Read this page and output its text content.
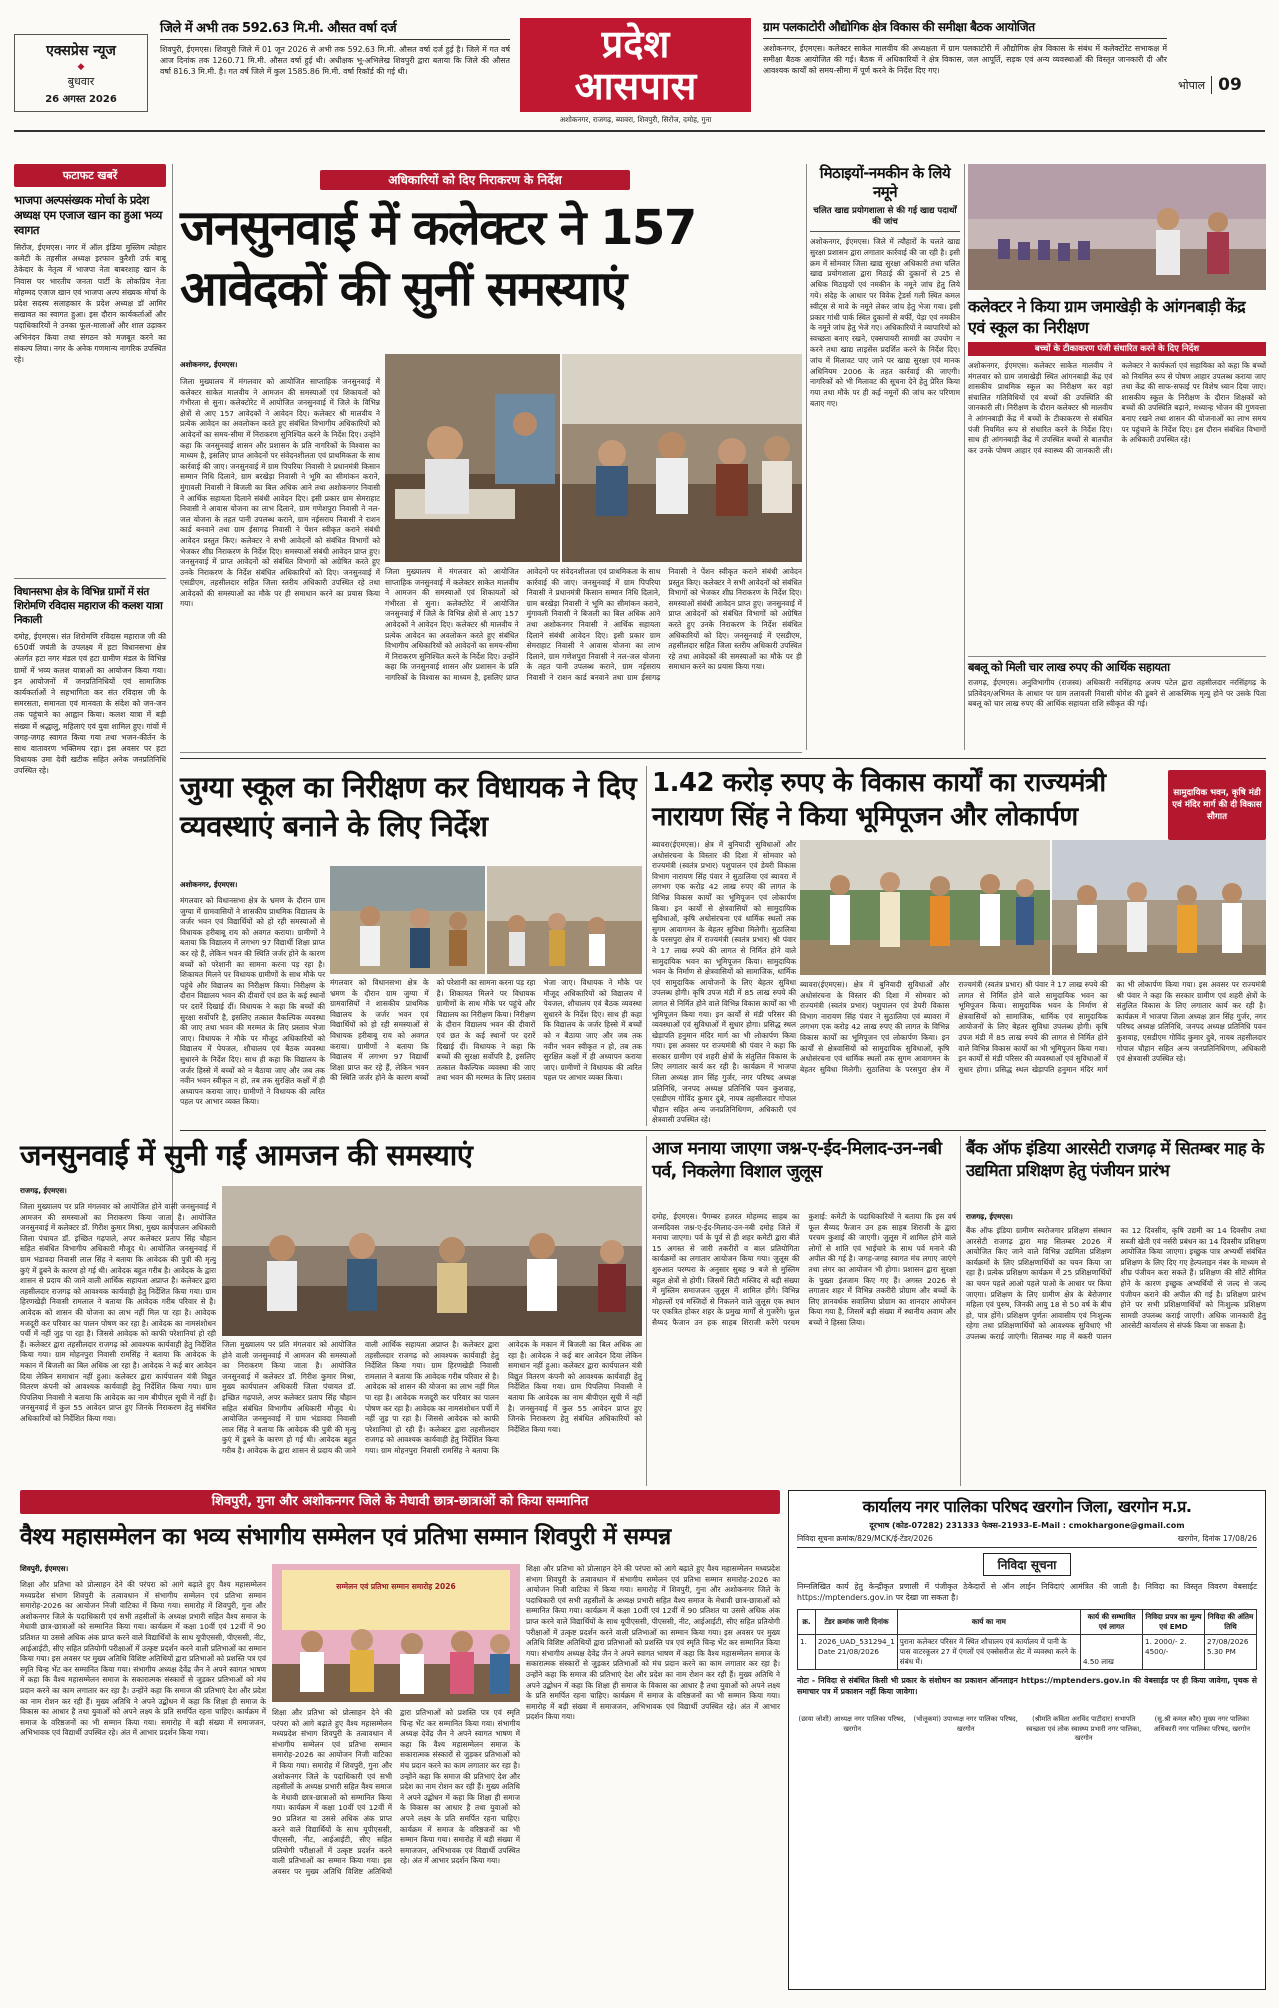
एक्सप्रेस न्यूज
◆
बुधवार
26 अगस्त 2026
जिले में अभी तक 592.63 मि.मी. औसत वर्षा दर्ज
शिवपुरी, ईएमएस। शिवपुरी जिले में 01 जून 2026 से अभी तक 592.63 मि.मी. औसत वर्षा दर्ज हुई है। जिले में गत वर्ष आज दिनांक तक 1260.71 मि.मी. औसत वर्षा हुई थी। अधीक्षक भू-अभिलेख शिवपुरी द्वारा बताया कि जिले की औसत वर्षा 816.3 मि.मी. है। गत वर्ष जिले में कुल 1585.86 मि.मी. वर्षा रिकॉर्ड की गई थी।
प्रदेश
आसपास
अशोकनगर, राजगढ़, ब्यावरा, शिवपुरी, सिरोंज, दमोह, गुना
ग्राम पलकाटोरी औद्योगिक क्षेत्र विकास की समीक्षा बैठक आयोजित
अशोकनगर, ईएमएस। कलेक्टर साकेत मालवीय की अध्यक्षता में ग्राम पलकाटोरी में औद्योगिक क्षेत्र विकास के संबंध में कलेक्टोरेट सभाकक्ष में समीक्षा बैठक आयोजित की गई। बैठक में अधिकारियों ने क्षेत्र विकास, जल आपूर्ति, सड़क एवं अन्य व्यवस्थाओं की विस्तृत जानकारी दी और आवश्यक कार्यों को समय-सीमा में पूर्ण करने के निर्देश दिए गए।
भोपाल 09
फटाफट खबरें
भाजपा अल्पसंख्यक मोर्चा के प्रदेश अध्यक्ष एम एजाज खान का हुआ भव्य स्वागत
सिरोंज, ईएमएस। नगर में ऑल इंडिया मुस्लिम त्योहार कमेटी के तहसील अध्यक्ष इरफान कुरैशी उर्फ बाबू ठेकेदार के नेतृत्व में भाजपा नेता बाबरशाह खान के निवास पर भारतीय जनता पार्टी के लोकप्रिय नेता मोहम्मद एजाज खान एवं भाजपा अल्प संख्यक मोर्चा के प्रदेश सदस्य सलाहकार के प्रदेश अध्यक्ष डॉ आमिर सखावत का स्वागत हुआ। इस दौरान कार्यकर्ताओं और पदाधिकारियों ने उनका फूल-मालाओं और शाल उढ़ाकर अभिनंदन किया तथा संगठन को मजबूत करने का संकल्प लिया। नगर के अनेक गणमान्य नागरिक उपस्थित रहे।
विधानसभा क्षेत्र के विभिन्न ग्रामों में संत शिरोमणि रविदास महाराज की कलश यात्रा निकाली
दमोह, ईएमएस। संत शिरोमणि रविदास महाराज जी की 650वीं जयंती के उपलक्ष्य में हटा विधानसभा क्षेत्र अंतर्गत हटा नगर मंडल एवं हटा ग्रामीण मंडल के विभिन्न ग्रामों में भव्य कलश यात्राओं का आयोजन किया गया। इन आयोजनों में जनप्रतिनिधियों एवं सामाजिक कार्यकर्ताओं ने सहभागिता कर संत रविदास जी के समरसता, समानता एवं मानवता के संदेश को जन-जन तक पहुंचाने का आह्वान किया। कलश यात्रा में बड़ी संख्या में श्रद्धालु, महिलाएं एवं युवा शामिल हुए। गांवों में जगह-जगह स्वागत किया गया तथा भजन-कीर्तन के साथ वातावरण भक्तिमय रहा। इस अवसर पर हटा विधायक उमा देवी खटीक सहित अनेक जनप्रतिनिधि उपस्थित रहे।
अधिकारियों को दिए निराकरण के निर्देश
जनसुनवाई में कलेक्टर ने 157 आवेदकों की सुनीं समस्याएं
अशोकनगर, ईएमएस।
जिला मुख्यालय में मंगलवार को आयोजित साप्ताहिक जनसुनवाई में कलेक्टर साकेत मालवीय ने आमजन की समस्याओं एवं शिकायतों को गंभीरता से सुना। कलेक्टोरेट में आयोजित जनसुनवाई में जिले के विभिन्न क्षेत्रों से आए 157 आवेदकों ने आवेदन दिए। कलेक्टर श्री मालवीय ने प्रत्येक आवेदन का अवलोकन करते हुए संबंधित विभागीय अधिकारियों को आवेदनों का समय-सीमा में निराकरण सुनिश्चित करने के निर्देश दिए। उन्होंने कहा कि जनसुनवाई शासन और प्रशासन के प्रति नागरिकों के विश्वास का माध्यम है, इसलिए प्राप्त आवेदनों पर संवेदनशीलता एवं प्राथमिकता के साथ कार्रवाई की जाए। जनसुनवाई में ग्राम पिपरिया निवासी ने प्रधानमंत्री किसान सम्मान निधि दिलाने, ग्राम बरखेड़ा निवासी ने भूमि का सीमांकन कराने, मुंगावली निवासी ने बिजली का बिल अधिक आने तथा अशोकनगर निवासी ने आर्थिक सहायता दिलाने संबंधी आवेदन दिए। इसी प्रकार ग्राम सेमराहाट निवासी ने आवास योजना का लाभ दिलाने, ग्राम गणेशपुरा निवासी ने नल-जल योजना के तहत पानी उपलब्ध कराने, ग्राम नईसराय निवासी ने राशन कार्ड बनवाने तथा ग्राम ईसागढ़ निवासी ने पेंशन स्वीकृत कराने संबंधी आवेदन प्रस्तुत किए। कलेक्टर ने सभी आवेदनों को संबंधित विभागों को भेजकर शीघ्र निराकरण के निर्देश दिए। समस्याओं संबंधी आवेदन प्राप्त हुए। जनसुनवाई में प्राप्त आवेदनों को संबंधित विभागों को अग्रेषित करते हुए उनके निराकरण के निर्देश संबंधित अधिकारियों को दिए। जनसुनवाई में एसडीएम, तहसीलदार सहित जिला स्तरीय अधिकारी उपस्थित रहे तथा आवेदकों की समस्याओं का मौके पर ही समाधान करने का प्रयास किया गया।
जिला मुख्यालय में मंगलवार को आयोजित साप्ताहिक जनसुनवाई में कलेक्टर साकेत मालवीय ने आमजन की समस्याओं एवं शिकायतों को गंभीरता से सुना। कलेक्टोरेट में आयोजित जनसुनवाई में जिले के विभिन्न क्षेत्रों से आए 157 आवेदकों ने आवेदन दिए। कलेक्टर श्री मालवीय ने प्रत्येक आवेदन का अवलोकन करते हुए संबंधित विभागीय अधिकारियों को आवेदनों का समय-सीमा में निराकरण सुनिश्चित करने के निर्देश दिए। उन्होंने कहा कि जनसुनवाई शासन और प्रशासन के प्रति नागरिकों के विश्वास का माध्यम है, इसलिए प्राप्त आवेदनों पर संवेदनशीलता एवं प्राथमिकता के साथ कार्रवाई की जाए। जनसुनवाई में ग्राम पिपरिया निवासी ने प्रधानमंत्री किसान सम्मान निधि दिलाने, ग्राम बरखेड़ा निवासी ने भूमि का सीमांकन कराने, मुंगावली निवासी ने बिजली का बिल अधिक आने तथा अशोकनगर निवासी ने आर्थिक सहायता दिलाने संबंधी आवेदन दिए। इसी प्रकार ग्राम सेमराहाट निवासी ने आवास योजना का लाभ दिलाने, ग्राम गणेशपुरा निवासी ने नल-जल योजना के तहत पानी उपलब्ध कराने, ग्राम नईसराय निवासी ने राशन कार्ड बनवाने तथा ग्राम ईसागढ़ निवासी ने पेंशन स्वीकृत कराने संबंधी आवेदन प्रस्तुत किए। कलेक्टर ने सभी आवेदनों को संबंधित विभागों को भेजकर शीघ्र निराकरण के निर्देश दिए। समस्याओं संबंधी आवेदन प्राप्त हुए। जनसुनवाई में प्राप्त आवेदनों को संबंधित विभागों को अग्रेषित करते हुए उनके निराकरण के निर्देश संबंधित अधिकारियों को दिए। जनसुनवाई में एसडीएम, तहसीलदार सहित जिला स्तरीय अधिकारी उपस्थित रहे तथा आवेदकों की समस्याओं का मौके पर ही समाधान करने का प्रयास किया गया।
मिठाइयों-नमकीन के लिये नमूने
चलित खाद्य प्रयोगशाला से की गई खाद्य पदार्थों की जांच
अशोकनगर, ईएमएस। जिले में त्यौहारों के चलते खाद्य सुरक्षा प्रशासन द्वारा लगातार कार्रवाई की जा रही है। इसी क्रम में सोमवार जिला खाद्य सुरक्षा अधिकारी तथा चलित खाद्य प्रयोगशाला द्वारा मिठाई की दुकानों से 25 से अधिक मिठाइयों एवं नमकीन के नमूने जांच हेतु लिये गये। संदेह के आधार पर विवेक ट्रेडर्स गली स्थित कमल स्वीट्स से मावे के नमूने लेकर जांच हेतु भेजा गया। इसी प्रकार गांधी पार्क स्थित दुकानों से बर्फी, पेड़ा एवं नमकीन के नमूने जांच हेतु भेजे गए। अधिकारियों ने व्यापारियों को स्वच्छता बनाए रखने, एक्सपायरी सामग्री का उपयोग न करने तथा खाद्य लाइसेंस प्रदर्शित करने के निर्देश दिए। जांच में मिलावट पाए जाने पर खाद्य सुरक्षा एवं मानक अधिनियम 2006 के तहत कार्रवाई की जाएगी। नागरिकों को भी मिलावट की सूचना देने हेतु प्रेरित किया गया तथा मौके पर ही कई नमूनों की जांच कर परिणाम बताए गए।
कलेक्टर ने किया ग्राम जमाखेड़ी के आंगनबाड़ी केंद्र एवं स्कूल का निरीक्षण
बच्चों के टीकाकरण पंजी संधारित करने के दिए निर्देश
अशोकनगर, ईएमएस। कलेक्टर साकेत मालवीय ने मंगलवार को ग्राम जमाखेड़ी स्थित आंगनबाड़ी केंद्र एवं शासकीय प्राथमिक स्कूल का निरीक्षण कर वहां संचालित गतिविधियों एवं बच्चों की उपस्थिति की जानकारी ली। निरीक्षण के दौरान कलेक्टर श्री मालवीय ने आंगनबाड़ी केंद्र में बच्चों के टीकाकरण से संबंधित पंजी नियमित रूप से संधारित करने के निर्देश दिए। साथ ही आंगनबाड़ी केंद्र में उपस्थित बच्चों से बातचीत कर उनके पोषण आहार एवं स्वास्थ्य की जानकारी ली। कलेक्टर ने कार्यकर्ता एवं सहायिका को कहा कि बच्चों को नियमित रूप से पोषण आहार उपलब्ध कराया जाए तथा केंद्र की साफ-सफाई पर विशेष ध्यान दिया जाए। शासकीय स्कूल के निरीक्षण के दौरान शिक्षकों को बच्चों की उपस्थिति बढ़ाने, मध्यान्ह भोजन की गुणवत्ता बनाए रखने तथा शासन की योजनाओं का लाभ समय पर पहुंचाने के निर्देश दिए। इस दौरान संबंधित विभागों के अधिकारी उपस्थित रहे।
बबलू को मिली चार लाख रुपए की आर्थिक सहायता
राजगढ़, ईएमएस। अनुविभागीय (राजस्व) अधिकारी नरसिंहगढ़ अजय पटेल द्वारा तहसीलदार नरसिंहगढ़ के प्रतिवेदन/अभिमत के आधार पर ग्राम तलावली निवासी योगेश की डूबने से आकस्मिक मृत्यु होने पर उसके पिता बबलू को चार लाख रुपए की आर्थिक सहायता राशि स्वीकृत की गई।
जुग्या स्कूल का निरीक्षण कर विधायक ने दिए व्यवस्थाएं बनाने के लिए निर्देश
अशोकनगर, ईएमएस।
मंगलवार को विधानसभा क्षेत्र के भ्रमण के दौरान ग्राम जुग्या में ग्रामवासियों ने शासकीय प्राथमिक विद्यालय के जर्जर भवन एवं विद्यार्थियों को हो रही समस्याओं से विधायक हरीबाबू राय को अवगत कराया। ग्रामीणों ने बताया कि विद्यालय में लगभग 97 विद्यार्थी शिक्षा प्राप्त कर रहे हैं, लेकिन भवन की स्थिति जर्जर होने के कारण बच्चों को परेशानी का सामना करना पड़ रहा है। शिकायत मिलने पर विधायक ग्रामीणों के साथ मौके पर पहुंचे और विद्यालय का निरीक्षण किया। निरीक्षण के दौरान विद्यालय भवन की दीवारों एवं छत के कई स्थानों पर दरारें दिखाई दीं। विधायक ने कहा कि बच्चों की सुरक्षा सर्वोपरि है, इसलिए तत्काल वैकल्पिक व्यवस्था की जाए तथा भवन की मरम्मत के लिए प्रस्ताव भेजा जाए। विधायक ने मौके पर मौजूद अधिकारियों को विद्यालय में पेयजल, शौचालय एवं बैठक व्यवस्था सुधारने के निर्देश दिए। साथ ही कहा कि विद्यालय के जर्जर हिस्से में बच्चों को न बैठाया जाए और जब तक नवीन भवन स्वीकृत न हो, तब तक सुरक्षित कक्षों में ही अध्यापन कराया जाए। ग्रामीणों ने विधायक की त्वरित पहल पर आभार व्यक्त किया।
मंगलवार को विधानसभा क्षेत्र के भ्रमण के दौरान ग्राम जुग्या में ग्रामवासियों ने शासकीय प्राथमिक विद्यालय के जर्जर भवन एवं विद्यार्थियों को हो रही समस्याओं से विधायक हरीबाबू राय को अवगत कराया। ग्रामीणों ने बताया कि विद्यालय में लगभग 97 विद्यार्थी शिक्षा प्राप्त कर रहे हैं, लेकिन भवन की स्थिति जर्जर होने के कारण बच्चों को परेशानी का सामना करना पड़ रहा है। शिकायत मिलने पर विधायक ग्रामीणों के साथ मौके पर पहुंचे और विद्यालय का निरीक्षण किया। निरीक्षण के दौरान विद्यालय भवन की दीवारों एवं छत के कई स्थानों पर दरारें दिखाई दीं। विधायक ने कहा कि बच्चों की सुरक्षा सर्वोपरि है, इसलिए तत्काल वैकल्पिक व्यवस्था की जाए तथा भवन की मरम्मत के लिए प्रस्ताव भेजा जाए। विधायक ने मौके पर मौजूद अधिकारियों को विद्यालय में पेयजल, शौचालय एवं बैठक व्यवस्था सुधारने के निर्देश दिए। साथ ही कहा कि विद्यालय के जर्जर हिस्से में बच्चों को न बैठाया जाए और जब तक नवीन भवन स्वीकृत न हो, तब तक सुरक्षित कक्षों में ही अध्यापन कराया जाए। ग्रामीणों ने विधायक की त्वरित पहल पर आभार व्यक्त किया।
1.42 करोड़ रुपए के विकास कार्यों का राज्यमंत्री नारायण सिंह ने किया भूमिपूजन और लोकार्पण
सामुदायिक भवन, कृषि मंडी एवं मंदिर मार्ग की दी विकास सौगात
ब्यावरा(ईएमएस)। क्षेत्र में बुनियादी सुविधाओं और अधोसंरचना के विस्तार की दिशा में सोमवार को राज्यमंत्री (स्वतंत्र प्रभार) पशुपालन एवं डेयरी विकास विभाग नारायण सिंह पंवार ने सुठालिया एवं ब्यावरा में लगभग एक करोड़ 42 लाख रुपए की लागत के विभिन्न विकास कार्यों का भूमिपूजन एवं लोकार्पण किया। इन कार्यों से क्षेत्रवासियों को सामुदायिक सुविधाओं, कृषि अधोसंरचना एवं धार्मिक स्थलों तक सुगम आवागमन के बेहतर सुविधा मिलेगी। सुठालिया के परसपुरा क्षेत्र में राज्यमंत्री (स्वतंत्र प्रभार) श्री पंवार ने 17 लाख रुपये की लागत से निर्मित होने वाले सामुदायिक भवन का भूमिपूजन किया। सामुदायिक भवन के निर्माण से क्षेत्रवासियों को सामाजिक, धार्मिक एवं सामुदायिक आयोजनों के लिए बेहतर सुविधा उपलब्ध होगी। कृषि उपज मंडी में 85 लाख रुपये की लागत से निर्मित होने वाले विभिन्न विकास कार्यों का भी भूमिपूजन किया गया। इन कार्यों से मंडी परिसर की व्यवस्थाओं एवं सुविधाओं में सुधार होगा। प्रसिद्ध स्थल खेड़ापति हनुमान मंदिर मार्ग का भी लोकार्पण किया गया। इस अवसर पर राज्यमंत्री श्री पंवार ने कहा कि सरकार ग्रामीण एवं शहरी क्षेत्रों के संतुलित विकास के लिए लगातार कार्य कर रही है। कार्यक्रम में भाजपा जिला अध्यक्ष ज्ञान सिंह गुर्जर, नगर परिषद अध्यक्ष प्रतिनिधि, जनपद अध्यक्ष प्रतिनिधि पवन कुशवाह, एसडीएम गोविंद कुमार दुबे, नायब तहसीलदार गोपाल चौहान सहित अन्य जनप्रतिनिधिगण, अधिकारी एवं क्षेत्रवासी उपस्थित रहे।
ब्यावरा(ईएमएस)। क्षेत्र में बुनियादी सुविधाओं और अधोसंरचना के विस्तार की दिशा में सोमवार को राज्यमंत्री (स्वतंत्र प्रभार) पशुपालन एवं डेयरी विकास विभाग नारायण सिंह पंवार ने सुठालिया एवं ब्यावरा में लगभग एक करोड़ 42 लाख रुपए की लागत के विभिन्न विकास कार्यों का भूमिपूजन एवं लोकार्पण किया। इन कार्यों से क्षेत्रवासियों को सामुदायिक सुविधाओं, कृषि अधोसंरचना एवं धार्मिक स्थलों तक सुगम आवागमन के बेहतर सुविधा मिलेगी। सुठालिया के परसपुरा क्षेत्र में राज्यमंत्री (स्वतंत्र प्रभार) श्री पंवार ने 17 लाख रुपये की लागत से निर्मित होने वाले सामुदायिक भवन का भूमिपूजन किया। सामुदायिक भवन के निर्माण से क्षेत्रवासियों को सामाजिक, धार्मिक एवं सामुदायिक आयोजनों के लिए बेहतर सुविधा उपलब्ध होगी। कृषि उपज मंडी में 85 लाख रुपये की लागत से निर्मित होने वाले विभिन्न विकास कार्यों का भी भूमिपूजन किया गया। इन कार्यों से मंडी परिसर की व्यवस्थाओं एवं सुविधाओं में सुधार होगा। प्रसिद्ध स्थल खेड़ापति हनुमान मंदिर मार्ग का भी लोकार्पण किया गया। इस अवसर पर राज्यमंत्री श्री पंवार ने कहा कि सरकार ग्रामीण एवं शहरी क्षेत्रों के संतुलित विकास के लिए लगातार कार्य कर रही है। कार्यक्रम में भाजपा जिला अध्यक्ष ज्ञान सिंह गुर्जर, नगर परिषद अध्यक्ष प्रतिनिधि, जनपद अध्यक्ष प्रतिनिधि पवन कुशवाह, एसडीएम गोविंद कुमार दुबे, नायब तहसीलदार गोपाल चौहान सहित अन्य जनप्रतिनिधिगण, अधिकारी एवं क्षेत्रवासी उपस्थित रहे।
जनसुनवाई में सुनी गईं आमजन की समस्याएं
राजगढ़, ईएमएस।
जिला मुख्यालय पर प्रति मंगलवार को आयोजित होने वाली जनसुनवाई में आमजन की समस्याओं का निराकरण किया जाता है। आयोजित जनसुनवाई में कलेक्टर डॉ. गिरीश कुमार मिश्रा, मुख्य कार्यपालन अधिकारी जिला पंचायत डॉ. इच्छित गढ़पाले, अपर कलेक्टर प्रताप सिंह चौहान सहित संबंधित विभागीय अधिकारी मौजूद थे। आयोजित जनसुनवाई में ग्राम भंडावदा निवासी लाल सिंह ने बताया कि आवेदक की पुत्री की मृत्यु कुएं में डूबने के कारण हो गई थी। आवेदक बहुत गरीब है। आवेदक के द्वारा शासन से प्रदाय की जाने वाली आर्थिक सहायता अप्राप्त है। कलेक्टर द्वारा तहसीलदार राजगढ़ को आवश्यक कार्यवाही हेतु निर्देशित किया गया। ग्राम हिरणखेड़ी निवासी रामलाल ने बताया कि आवेदक गरीब परिवार से है। आवेदक को शासन की योजना का लाभ नहीं मिल पा रहा है। आवेदक मजदूरी कर परिवार का पालन पोषण कर रहा है। आवेदक का नामसंशोधन पर्ची में नहीं जुड़ पा रहा है। जिससे आवेदक को काफी परेशानियां हो रही हैं। कलेक्टर द्वारा तहसीलदार राजगढ़ को आवश्यक कार्यवाही हेतु निर्देशित किया गया। ग्राम मोहनपुरा निवासी रामसिंह ने बताया कि आवेदक के मकान में बिजली का बिल अधिक आ रहा है। आवेदक ने कई बार आवेदन दिया लेकिन समाधान नहीं हुआ। कलेक्टर द्वारा कार्यपालन यंत्री विद्युत वितरण कंपनी को आवश्यक कार्यवाही हेतु निर्देशित किया गया। ग्राम पिपलिया निवासी ने बताया कि आवेदक का नाम बीपीएल सूची में नहीं है। जनसुनवाई में कुल 55 आवेदन प्राप्त हुए जिनके निराकरण हेतु संबंधित अधिकारियों को निर्देशित किया गया।
जिला मुख्यालय पर प्रति मंगलवार को आयोजित होने वाली जनसुनवाई में आमजन की समस्याओं का निराकरण किया जाता है। आयोजित जनसुनवाई में कलेक्टर डॉ. गिरीश कुमार मिश्रा, मुख्य कार्यपालन अधिकारी जिला पंचायत डॉ. इच्छित गढ़पाले, अपर कलेक्टर प्रताप सिंह चौहान सहित संबंधित विभागीय अधिकारी मौजूद थे। आयोजित जनसुनवाई में ग्राम भंडावदा निवासी लाल सिंह ने बताया कि आवेदक की पुत्री की मृत्यु कुएं में डूबने के कारण हो गई थी। आवेदक बहुत गरीब है। आवेदक के द्वारा शासन से प्रदाय की जाने वाली आर्थिक सहायता अप्राप्त है। कलेक्टर द्वारा तहसीलदार राजगढ़ को आवश्यक कार्यवाही हेतु निर्देशित किया गया। ग्राम हिरणखेड़ी निवासी रामलाल ने बताया कि आवेदक गरीब परिवार से है। आवेदक को शासन की योजना का लाभ नहीं मिल पा रहा है। आवेदक मजदूरी कर परिवार का पालन पोषण कर रहा है। आवेदक का नामसंशोधन पर्ची में नहीं जुड़ पा रहा है। जिससे आवेदक को काफी परेशानियां हो रही हैं। कलेक्टर द्वारा तहसीलदार राजगढ़ को आवश्यक कार्यवाही हेतु निर्देशित किया गया। ग्राम मोहनपुरा निवासी रामसिंह ने बताया कि आवेदक के मकान में बिजली का बिल अधिक आ रहा है। आवेदक ने कई बार आवेदन दिया लेकिन समाधान नहीं हुआ। कलेक्टर द्वारा कार्यपालन यंत्री विद्युत वितरण कंपनी को आवश्यक कार्यवाही हेतु निर्देशित किया गया। ग्राम पिपलिया निवासी ने बताया कि आवेदक का नाम बीपीएल सूची में नहीं है। जनसुनवाई में कुल 55 आवेदन प्राप्त हुए जिनके निराकरण हेतु संबंधित अधिकारियों को निर्देशित किया गया।
आज मनाया जाएगा जश्न-ए-ईद-मिलाद-उन-नबी पर्व, निकलेगा विशाल जुलूस
दमोह, ईएमएस। पैगम्बर हजरत मोहम्मद साहब का जन्मदिवस जश्न-ए-ईद-मिलाद-उन-नबी दमोह जिले में मनाया जाएगा। पर्व के पूर्व से ही शहर कमेटी द्वारा बीते 15 अगस्त से जारी तकरीरों व बाल प्रतियोगिता कार्यक्रमों का लगातार आयोजन किया गया। जुलूस की शुरुआत परम्परा के अनुसार सुबह 9 बजे से मुस्लिम बहुल क्षेत्रों से होगी। जिसमें सिटी मस्जिद से बड़ी संख्या में मुस्लिम समाजजन जुलूस में शामिल होंगे। विभिन्न मोहल्लों एवं मस्जिदों से निकलने वाले जुलूस एक स्थान पर एकत्रित होकर शहर के प्रमुख मार्गों से गुजरेंगे। फूल सैय्यद फैजान उन हक साहब शिराजी करेंगे परचम कुशाई: कमेटी के पदाधिकारियों ने बताया कि इस वर्ष फूल सैय्यद फैजान उन हक साहब शिराजी के द्वारा परचम कुशाई की जाएगी। जुलूस में शामिल होने वाले लोगों से शांति एवं भाईचारे के साथ पर्व मनाने की अपील की गई है। जगह-जगह स्वागत मंच लगाए जाएंगे तथा लंगर का आयोजन भी होगा। प्रशासन द्वारा सुरक्षा के पुख्ता इंतजाम किए गए हैं। अगस्त 2026 से लगातार शहर में विभिन्न तकरीरी प्रोग्राम और बच्चों के लिए ज्ञानवर्धक सवालिया प्रोग्राम का शानदार आयोजन किया गया है, जिसमें बड़ी संख्या में स्थानीय अवाम और बच्चों ने हिस्सा लिया।
बैंक ऑफ इंडिया आरसेटी राजगढ़ में सितम्बर माह के उद्यमिता प्रशिक्षण हेतु पंजीयन प्रारंभ
राजगढ़, ईएमएस।
बैंक ऑफ इंडिया ग्रामीण स्वरोजगार प्रशिक्षण संस्थान आरसेटी राजगढ़ द्वारा माह सितम्बर 2026 में आयोजित किए जाने वाले विभिन्न उद्यमिता प्रशिक्षण कार्यक्रमों के लिए प्रशिक्षणार्थियों का चयन किया जा रहा है। प्रत्येक प्रशिक्षण कार्यक्रम में 25 प्रशिक्षणार्थियों का चयन पहले आओ पहले पाओ के आधार पर किया जाएगा। प्रशिक्षण के लिए ग्रामीण क्षेत्र के बेरोजगार महिला एवं पुरुष, जिनकी आयु 18 से 50 वर्ष के बीच हो, पात्र होंगे। प्रशिक्षण पूर्णतः आवासीय एवं निःशुल्क रहेगा तथा प्रशिक्षणार्थियों को आवश्यक सुविधाएं भी उपलब्ध कराई जाएंगी। सितम्बर माह में बकरी पालन का 12 दिवसीय, कृषि उद्यमी का 14 दिवसीय तथा सब्जी खेती एवं नर्सरी प्रबंधन का 14 दिवसीय प्रशिक्षण आयोजित किया जाएगा। इच्छुक पात्र अभ्यर्थी संबंधित प्रशिक्षण के लिए दिए गए हेल्पलाइन नंबर के माध्यम से शीघ्र पंजीयन करा सकते हैं। प्रशिक्षण की सीटें सीमित होने के कारण इच्छुक अभ्यर्थियों से जल्द से जल्द पंजीयन कराने की अपील की गई है। प्रशिक्षण प्रारंभ होने पर सभी प्रशिक्षणार्थियों को निःशुल्क प्रशिक्षण सामग्री उपलब्ध कराई जाएगी। अधिक जानकारी हेतु आरसेटी कार्यालय से संपर्क किया जा सकता है।
शिवपुरी, गुना और अशोकनगर जिले के मेधावी छात्र-छात्राओं को किया सम्मानित
वैश्य महासम्मेलन का भव्य संभागीय सम्मेलन एवं प्रतिभा सम्मान शिवपुरी में सम्पन्न
शिवपुरी, ईएमएस।
सम्मेलन एवं प्रतिभा सम्मान समारोह 2026
शिक्षा और प्रतिभा को प्रोत्साहन देने की परंपरा को आगे बढ़ाते हुए वैश्य महासम्मेलन मध्यप्रदेश संभाग शिवपुरी के तत्वावधान में संभागीय सम्मेलन एवं प्रतिभा सम्मान समारोह-2026 का आयोजन निजी वाटिका में किया गया। समारोह में शिवपुरी, गुना और अशोकनगर जिले के पदाधिकारी एवं सभी तहसीलों के अध्यक्ष प्रभारी सहित वैश्य समाज के मेधावी छात्र-छात्राओं को सम्मानित किया गया। कार्यक्रम में कक्षा 10वीं एवं 12वीं में 90 प्रतिशत या उससे अधिक अंक प्राप्त करने वाले विद्यार्थियों के साथ यूपीएससी, पीएससी, नीट, आईआईटी, सीए सहित प्रतियोगी परीक्षाओं में उत्कृष्ट प्रदर्शन करने वाली प्रतिभाओं का सम्मान किया गया। इस अवसर पर मुख्य अतिथि विशिष्ट अतिथियों द्वारा प्रतिभाओं को प्रशस्ति पत्र एवं स्मृति चिन्ह भेंट कर सम्मानित किया गया। संभागीय अध्यक्ष देवेंद्र जैन ने अपने स्वागत भाषण में कहा कि वैश्य महासम्मेलन समाज के सकारात्मक संस्कारों से जुड़कर प्रतिभाओं को मंच प्रदान करने का काम लगातार कर रहा है। उन्होंने कहा कि समाज की प्रतिभाएं देश और प्रदेश का नाम रोशन कर रही हैं। मुख्य अतिथि ने अपने उद्बोधन में कहा कि शिक्षा ही समाज के विकास का आधार है तथा युवाओं को अपने लक्ष्य के प्रति समर्पित रहना चाहिए। कार्यक्रम में समाज के वरिष्ठजनों का भी सम्मान किया गया। समारोह में बड़ी संख्या में समाजजन, अभिभावक एवं विद्यार्थी उपस्थित रहे। अंत में आभार प्रदर्शन किया गया।
शिक्षा और प्रतिभा को प्रोत्साहन देने की परंपरा को आगे बढ़ाते हुए वैश्य महासम्मेलन मध्यप्रदेश संभाग शिवपुरी के तत्वावधान में संभागीय सम्मेलन एवं प्रतिभा सम्मान समारोह-2026 का आयोजन निजी वाटिका में किया गया। समारोह में शिवपुरी, गुना और अशोकनगर जिले के पदाधिकारी एवं सभी तहसीलों के अध्यक्ष प्रभारी सहित वैश्य समाज के मेधावी छात्र-छात्राओं को सम्मानित किया गया। कार्यक्रम में कक्षा 10वीं एवं 12वीं में 90 प्रतिशत या उससे अधिक अंक प्राप्त करने वाले विद्यार्थियों के साथ यूपीएससी, पीएससी, नीट, आईआईटी, सीए सहित प्रतियोगी परीक्षाओं में उत्कृष्ट प्रदर्शन करने वाली प्रतिभाओं का सम्मान किया गया। इस अवसर पर मुख्य अतिथि विशिष्ट अतिथियों द्वारा प्रतिभाओं को प्रशस्ति पत्र एवं स्मृति चिन्ह भेंट कर सम्मानित किया गया। संभागीय अध्यक्ष देवेंद्र जैन ने अपने स्वागत भाषण में कहा कि वैश्य महासम्मेलन समाज के सकारात्मक संस्कारों से जुड़कर प्रतिभाओं को मंच प्रदान करने का काम लगातार कर रहा है। उन्होंने कहा कि समाज की प्रतिभाएं देश और प्रदेश का नाम रोशन कर रही हैं। मुख्य अतिथि ने अपने उद्बोधन में कहा कि शिक्षा ही समाज के विकास का आधार है तथा युवाओं को अपने लक्ष्य के प्रति समर्पित रहना चाहिए। कार्यक्रम में समाज के वरिष्ठजनों का भी सम्मान किया गया। समारोह में बड़ी संख्या में समाजजन, अभिभावक एवं विद्यार्थी उपस्थित रहे। अंत में आभार प्रदर्शन किया गया।
शिक्षा और प्रतिभा को प्रोत्साहन देने की परंपरा को आगे बढ़ाते हुए वैश्य महासम्मेलन मध्यप्रदेश संभाग शिवपुरी के तत्वावधान में संभागीय सम्मेलन एवं प्रतिभा सम्मान समारोह-2026 का आयोजन निजी वाटिका में किया गया। समारोह में शिवपुरी, गुना और अशोकनगर जिले के पदाधिकारी एवं सभी तहसीलों के अध्यक्ष प्रभारी सहित वैश्य समाज के मेधावी छात्र-छात्राओं को सम्मानित किया गया। कार्यक्रम में कक्षा 10वीं एवं 12वीं में 90 प्रतिशत या उससे अधिक अंक प्राप्त करने वाले विद्यार्थियों के साथ यूपीएससी, पीएससी, नीट, आईआईटी, सीए सहित प्रतियोगी परीक्षाओं में उत्कृष्ट प्रदर्शन करने वाली प्रतिभाओं का सम्मान किया गया। इस अवसर पर मुख्य अतिथि विशिष्ट अतिथियों द्वारा प्रतिभाओं को प्रशस्ति पत्र एवं स्मृति चिन्ह भेंट कर सम्मानित किया गया। संभागीय अध्यक्ष देवेंद्र जैन ने अपने स्वागत भाषण में कहा कि वैश्य महासम्मेलन समाज के सकारात्मक संस्कारों से जुड़कर प्रतिभाओं को मंच प्रदान करने का काम लगातार कर रहा है। उन्होंने कहा कि समाज की प्रतिभाएं देश और प्रदेश का नाम रोशन कर रही हैं। मुख्य अतिथि ने अपने उद्बोधन में कहा कि शिक्षा ही समाज के विकास का आधार है तथा युवाओं को अपने लक्ष्य के प्रति समर्पित रहना चाहिए। कार्यक्रम में समाज के वरिष्ठजनों का भी सम्मान किया गया। समारोह में बड़ी संख्या में समाजजन, अभिभावक एवं विद्यार्थी उपस्थित रहे। अंत में आभार प्रदर्शन किया गया।
कार्यालय नगर पालिका परिषद खरगोन जिला, खरगोन म.प्र.
दूरभाष (कोड-07282) 231333 फेक्स-21933-E-Mail : cmokhargone@gmail.com
निविदा सूचना क्रमांक/829/MCK/ई-टेंडर/2026	खरगोन, दिनांक 17/08/26
निविदा सूचना
निम्नलिखित कार्य हेतु केन्द्रीकृत प्रणाली में पंजीकृत ठेकेदारों से ऑन लाईन निविदाएं आमंत्रित की जाती है। निविदा का विस्तृत विवरण वेबसाईट https://mptenders.gov.in पर देखा जा सकता है।
क्र.	टेंडर क्रमांक जारी दिनांक	कार्य का नाम	कार्य की सम्भावित एवं लागत	निविदा प्रपत्र का मूल्य एवं EMD	निविदा की अंतिम तिथि
1.	2026_UAD_531294_1 Date 21/08/2026	पुराना कलेक्टर परिसर में स्थित शौचालय एवं कार्यालय में पानी के पास वाटरकूलर 27 में एंगलों एवं एक्सेसरीज सेट में व्यवस्था करने के संबंध में।	4.50 लाख	1. 2000/- 2. 4500/-	27/08/2026 5.30 PM
नोटः - निविदा से संबंधित किसी भी प्रकार के संशोधन का प्रकाशन ऑनलाइन https://mptenders.gov.in की वेबसाईड पर ही किया जावेगा, पृथक से समाचार पत्र में प्रकाशन नहीं किया जावेगा।
(छाया जोशी) आध्यक्ष नगर पालिका परिषद, खरगोन
(भोलूकमां) उपाध्यक्ष नगर पालिका परिषद, खरगोन
(श्रीमति कविता अरविंद पाटीदार) सभापति स्वच्छता एवं लोक स्वास्थ्य प्रभारी नगर पालिका, खरगोन
(सु.श्री कमल कौर) मुख्य नगर पालिका अधिकारी नगर पालिका परिषद, खरगोन
